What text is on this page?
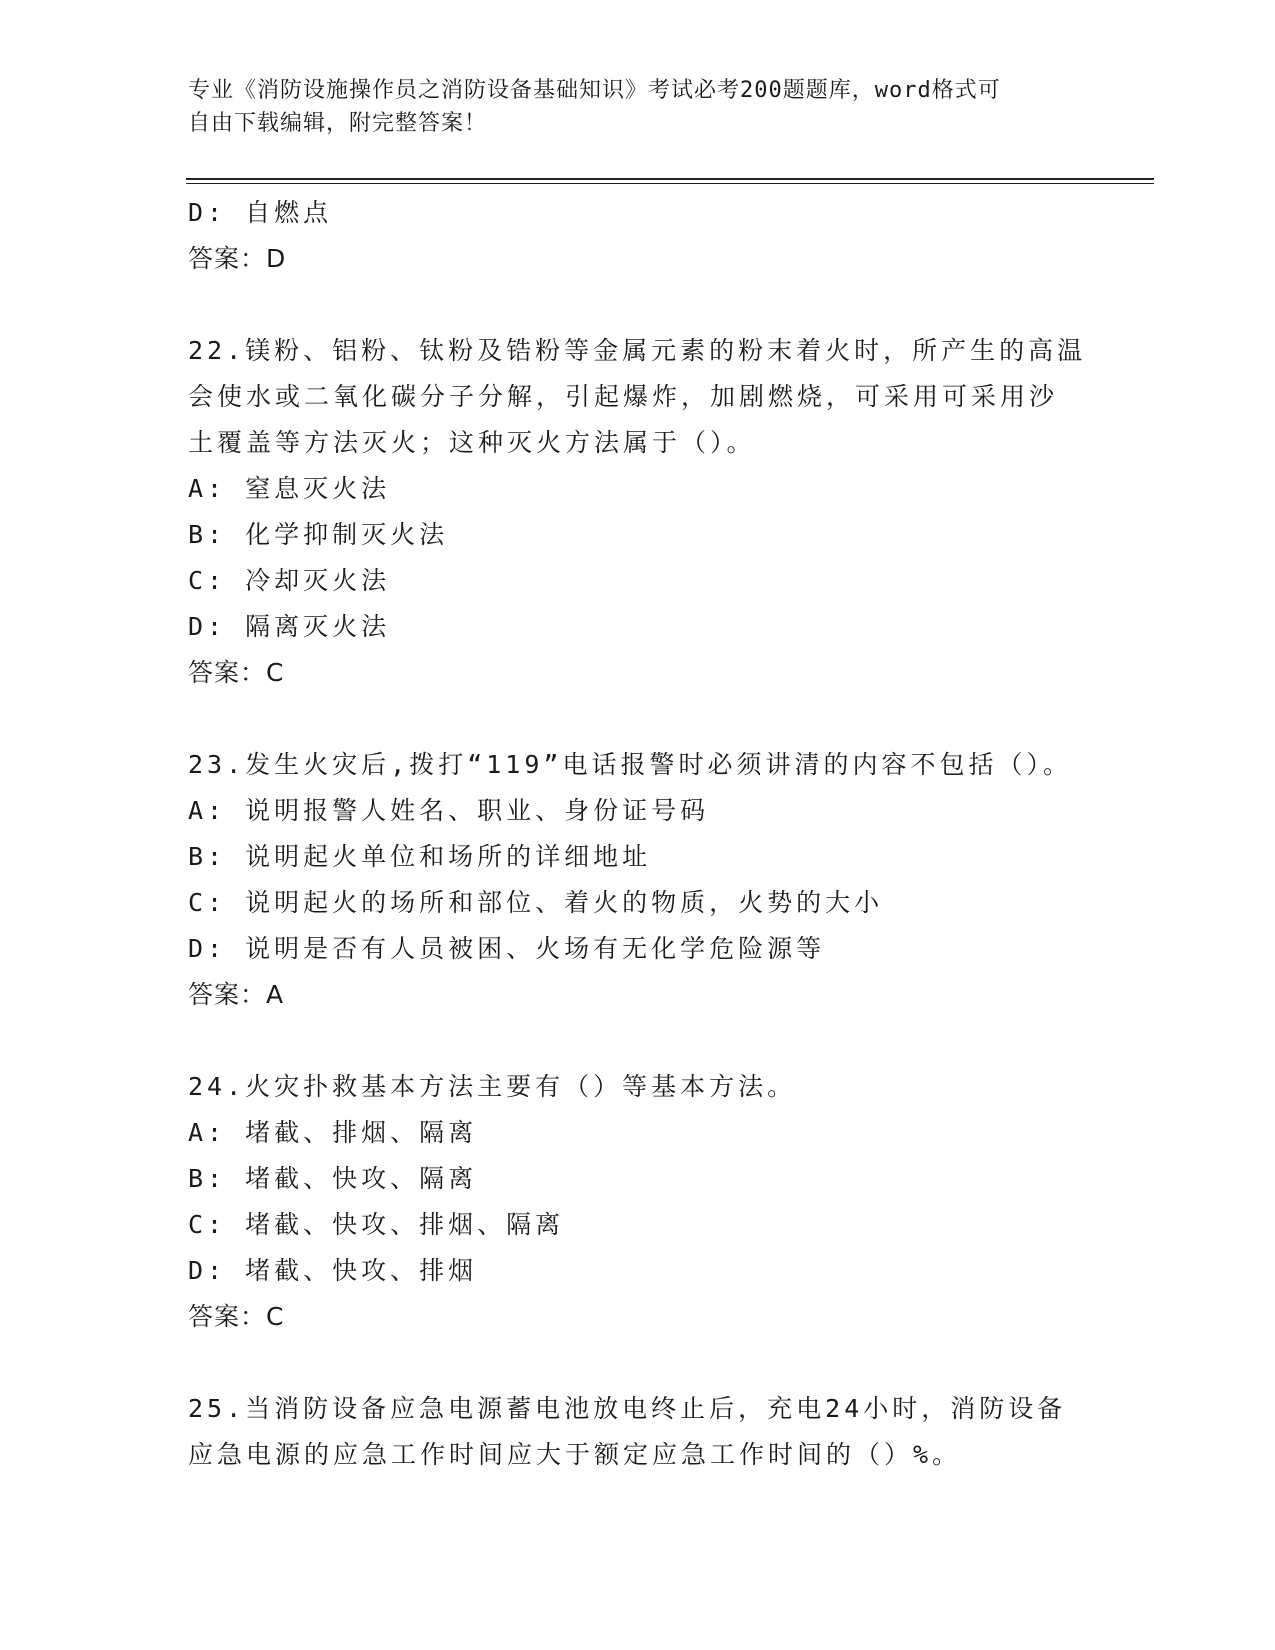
专业《消防设施操作员之消防设备基础知识》考试必考200题题库，word格式可
自由下载编辑，附完整答案！
D: 自燃点
答案：D
22.镁粉、铝粉、钛粉及锆粉等金属元素的粉末着火时，所产生的高温
会使水或二氧化碳分子分解，引起爆炸，加剧燃烧，可采用可采用沙
土覆盖等方法灭火；这种灭火方法属于（）。
A: 窒息灭火法
B: 化学抑制灭火法
C: 冷却灭火法
D: 隔离灭火法
答案：C
23.发生火灾后,拨打“119”电话报警时必须讲清的内容不包括（）。
A: 说明报警人姓名、职业、身份证号码
B: 说明起火单位和场所的详细地址
C: 说明起火的场所和部位、着火的物质，火势的大小
D: 说明是否有人员被困、火场有无化学危险源等
答案：A
24.火灾扑救基本方法主要有（）等基本方法。
A: 堵截、排烟、隔离
B: 堵截、快攻、隔离
C: 堵截、快攻、排烟、隔离
D: 堵截、快攻、排烟
答案：C
25.当消防设备应急电源蓄电池放电终止后，充电24小时，消防设备
应急电源的应急工作时间应大于额定应急工作时间的（）%。
